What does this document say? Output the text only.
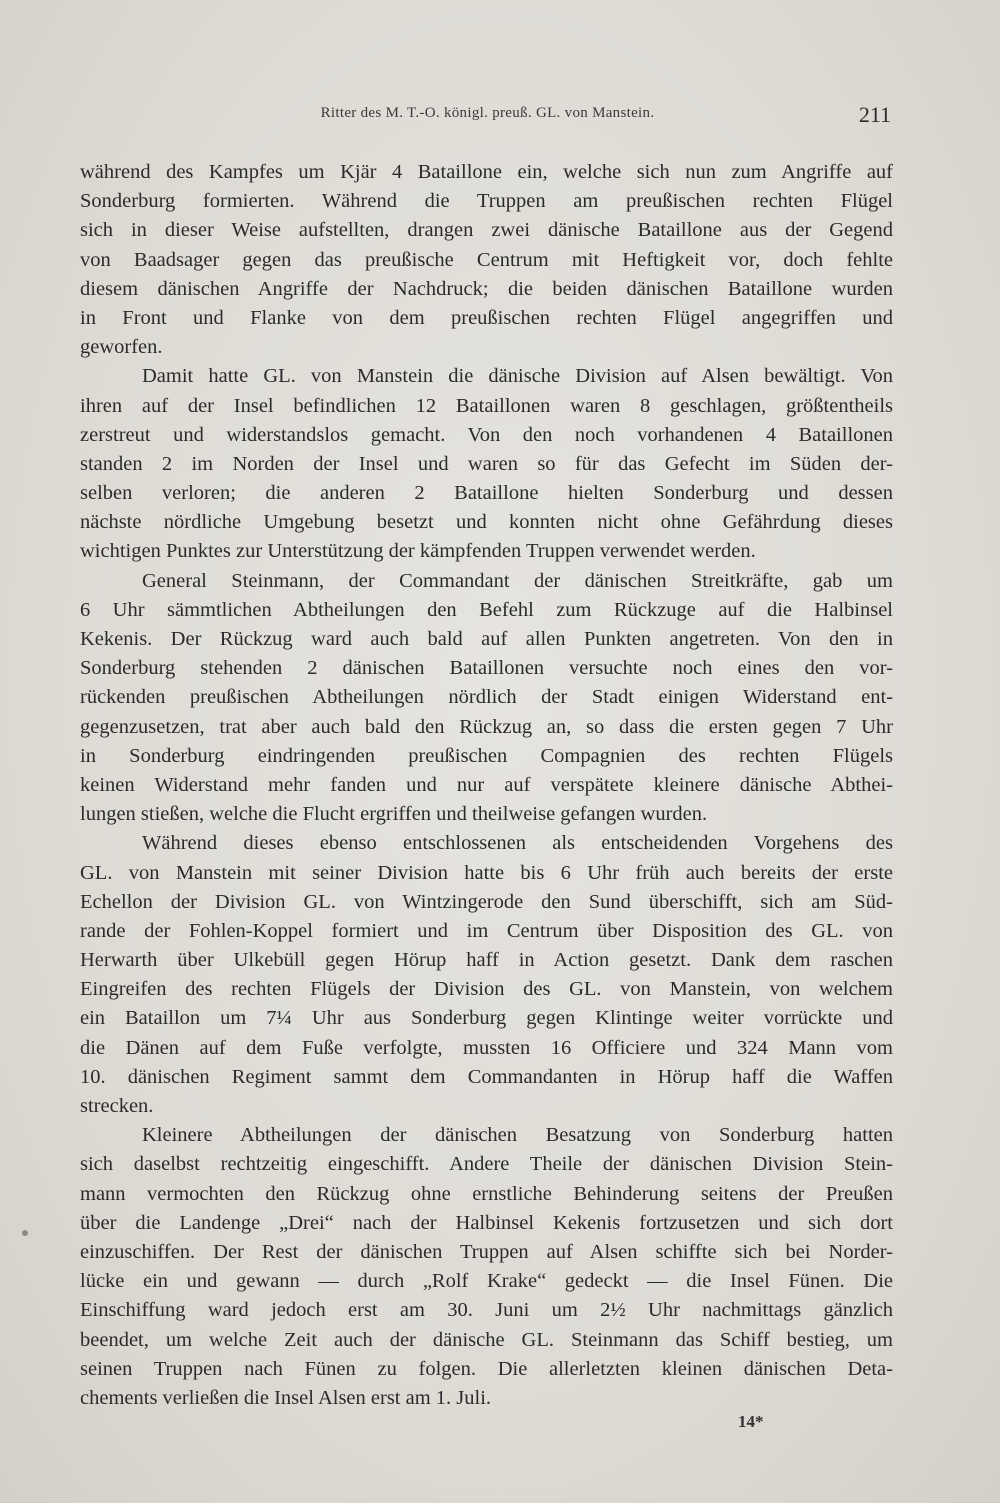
Ritter des M. T.-O. königl. preuß. GL. von Manstein.	211
während des Kampfes um Kjär 4 Bataillone ein, welche sich nun zum Angriffe auf
Sonderburg formierten. Während die Truppen am preußischen rechten Flügel
sich in dieser Weise aufstellten, drangen zwei dänische Bataillone aus der Gegend
von Baadsager gegen das preußische Centrum mit Heftigkeit vor, doch fehlte
diesem dänischen Angriffe der Nachdruck; die beiden dänischen Bataillone wurden
in Front und Flanke von dem preußischen rechten Flügel angegriffen und
geworfen.
Damit hatte GL. von Manstein die dänische Division auf Alsen bewältigt. Von
ihren auf der Insel befindlichen 12 Bataillonen waren 8 geschlagen, größtentheils
zerstreut und widerstandslos gemacht. Von den noch vorhandenen 4 Bataillonen
standen 2 im Norden der Insel und waren so für das Gefecht im Süden der-
selben verloren; die anderen 2 Bataillone hielten Sonderburg und dessen
nächste nördliche Umgebung besetzt und konnten nicht ohne Gefährdung dieses
wichtigen Punktes zur Unterstützung der kämpfenden Truppen verwendet werden.
General Steinmann, der Commandant der dänischen Streitkräfte, gab um
6 Uhr sämmtlichen Abtheilungen den Befehl zum Rückzuge auf die Halbinsel
Kekenis. Der Rückzug ward auch bald auf allen Punkten angetreten. Von den in
Sonderburg stehenden 2 dänischen Bataillonen versuchte noch eines den vor-
rückenden preußischen Abtheilungen nördlich der Stadt einigen Widerstand ent-
gegenzusetzen, trat aber auch bald den Rückzug an, so dass die ersten gegen 7 Uhr
in Sonderburg eindringenden preußischen Compagnien des rechten Flügels
keinen Widerstand mehr fanden und nur auf verspätete kleinere dänische Abthei-
lungen stießen, welche die Flucht ergriffen und theilweise gefangen wurden.
Während dieses ebenso entschlossenen als entscheidenden Vorgehens des
GL. von Manstein mit seiner Division hatte bis 6 Uhr früh auch bereits der erste
Echellon der Division GL. von Wintzingerode den Sund überschifft, sich am Süd-
rande der Fohlen-Koppel formiert und im Centrum über Disposition des GL. von
Herwarth über Ulkebüll gegen Hörup haff in Action gesetzt. Dank dem raschen
Eingreifen des rechten Flügels der Division des GL. von Manstein, von welchem
ein Bataillon um 7¼ Uhr aus Sonderburg gegen Klintinge weiter vorrückte und
die Dänen auf dem Fuße verfolgte, mussten 16 Officiere und 324 Mann vom
10. dänischen Regiment sammt dem Commandanten in Hörup haff die Waffen
strecken.
Kleinere Abtheilungen der dänischen Besatzung von Sonderburg hatten
sich daselbst rechtzeitig eingeschifft. Andere Theile der dänischen Division Stein-
mann vermochten den Rückzug ohne ernstliche Behinderung seitens der Preußen
über die Landenge „Drei“ nach der Halbinsel Kekenis fortzusetzen und sich dort
einzuschiffen. Der Rest der dänischen Truppen auf Alsen schiffte sich bei Norder-
lücke ein und gewann — durch „Rolf Krake“ gedeckt — die Insel Fünen. Die
Einschiffung ward jedoch erst am 30. Juni um 2½ Uhr nachmittags gänzlich
beendet, um welche Zeit auch der dänische GL. Steinmann das Schiff bestieg, um
seinen Truppen nach Fünen zu folgen. Die allerletzten kleinen dänischen Deta-
chements verließen die Insel Alsen erst am 1. Juli.
14*
